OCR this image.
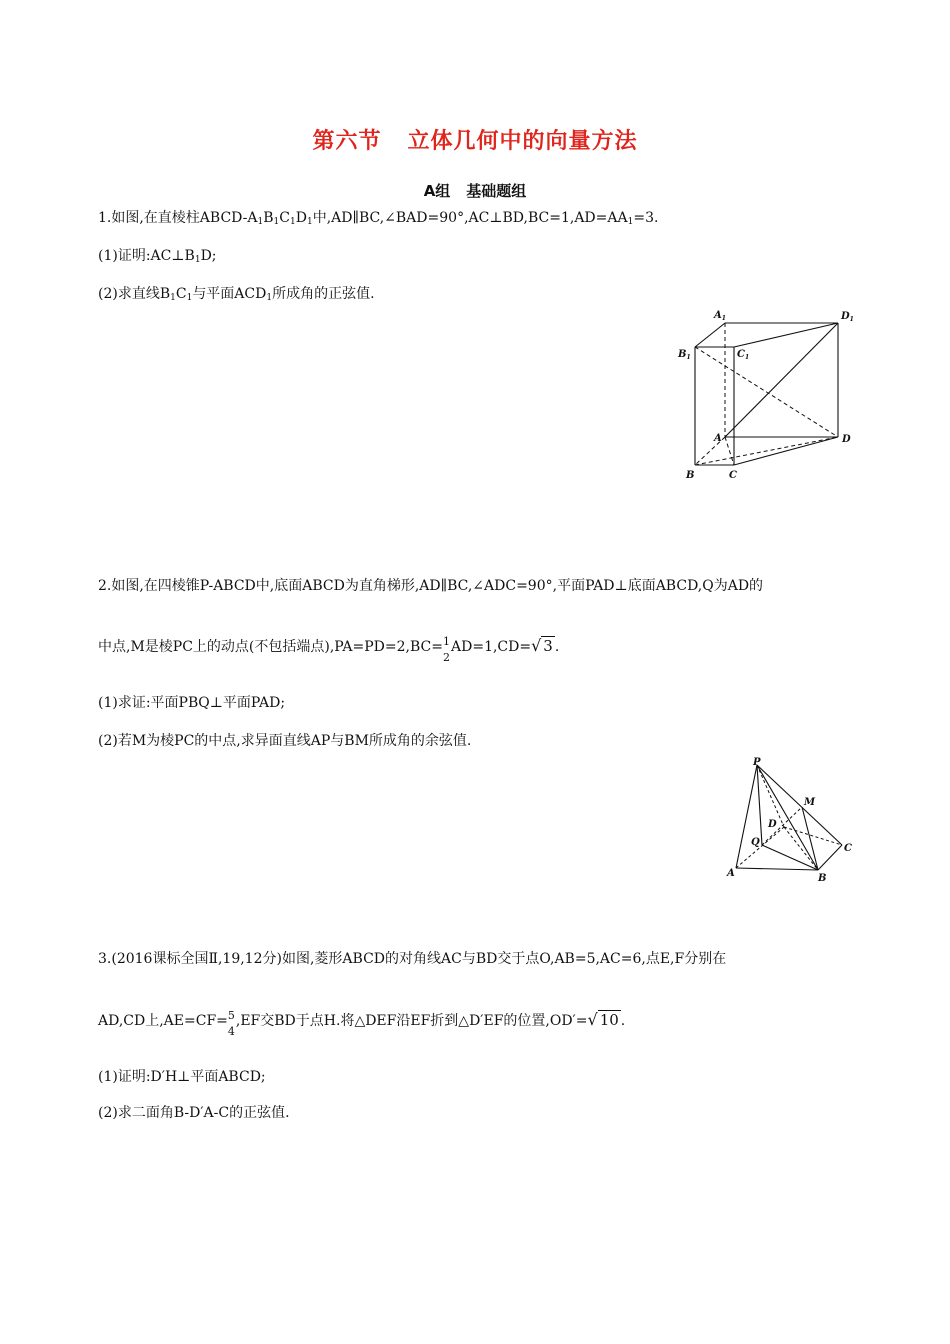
第六节 立体几何中的向量方法
A组 基础题组
1.如图,在直棱柱ABCD-$A_1B_1C_1D_1$中$,AD\parallel BC,\angle BAD=90^\circ,AC\perp BD,BC=1,AD=AA_1=3$.
(1)证明$:AC\perp B_1D$;
(2)求直线$B_1C_1$与平面$ACD_1$所成角的正弦值.
$A_1$	$D_1$
$B_1$	$C_1$
A	D
B	C
2.如图,在四棱锥P-ABCD中,底面ABCD为直角梯形,AD∥BC,∠ADC=90°,平面PAD⊥底面ABCD,Q为AD的
中点,M是棱PC上的动点(不包括端点),PA=PD=2,BC= 1
2
AD=1,CD=√ 3 .
(1)求证:平面PBQ⊥平面PAD;
(2)若M为棱PC的中点,求异面直线AP与BM所成角的余弦值.
P
M
D
Q
C
A	B
3.(2016课标全国Ⅱ,19,12分)如图,菱形ABCD的对角线AC与BD交于点O,AB=5,AC=6,点E,F分别在
AD,CD上,AE=CF= 5
4
,EF交BD于点H.将△DEF沿EF折到△D′EF的位置,OD′=√ 10 .
(1)证明:D′H⊥平面ABCD;
(2)求二面角B-D′A-C的正弦值.
